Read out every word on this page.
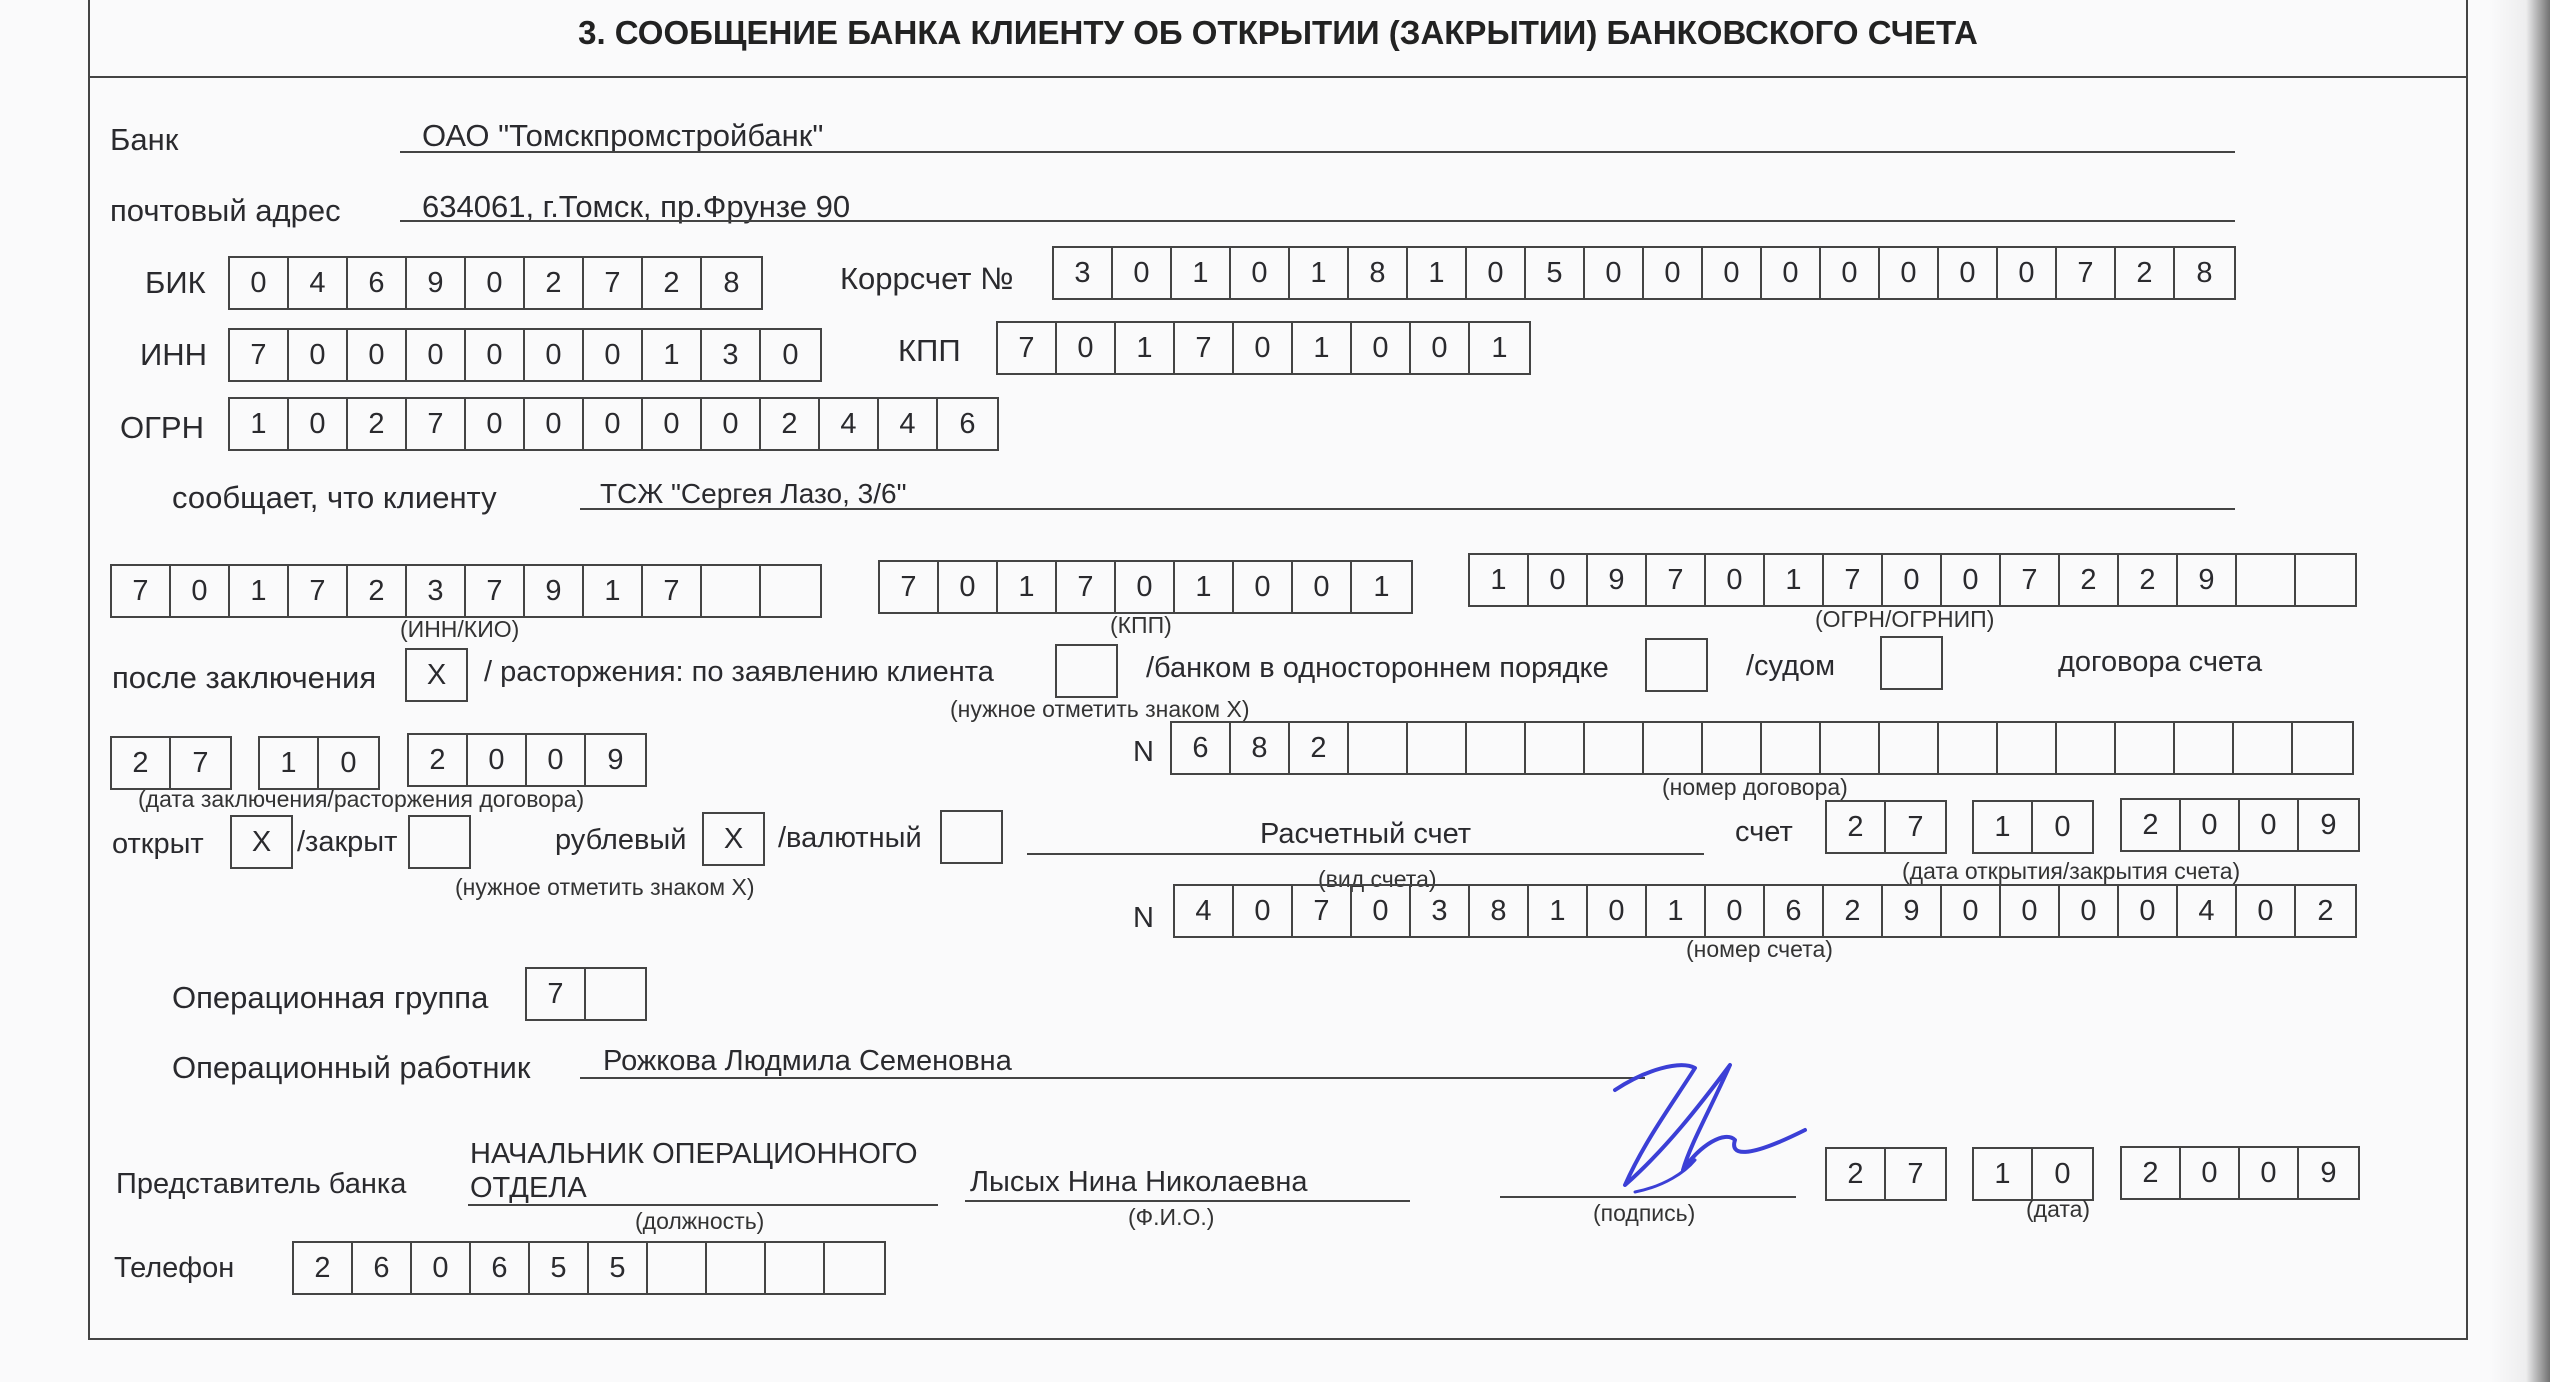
3. СООБЩЕНИЕ БАНКА КЛИЕНТУ ОБ ОТКРЫТИИ (ЗАКРЫТИИ) БАНКОВСКОГО СЧЕТА
Банк	ОАО "Томскпромстройбанк"
почтовый адрес	634061, г.Томск, пр.Фрунзе 90
БИК	0	4	6	9	0	2	7	2	8	Коррсчет №	3	0	1	0	1	8	1	0	5	0	0	0	0	0	0	0	0	7	2	8
ИНН	7	0	0	0	0	0	0	1	3	0	КПП	7	0	1	7	0	1	0	0	1
ОГРН	1	0	2	7	0	0	0	0	0	2	4	4	6
сообщает, что клиенту	ТСЖ "Сергея Лазо, 3/6"
7	0	1	7	2	3	7	9	1	7
(ИНН/КИО)
7	0	1	7	0	1	0	0	1
(КПП)
1	0	9	7	0	1	7	0	0	7	2	2	9
(ОГРН/ОГРНИП)
после заключения	X	/ расторжения: по заявлению клиента	/банком в одностороннем порядке	/судом	договора счета
(нужное отметить знаком Х)
2	7	1	0	2	0	0	9
(дата заключения/расторжения договора)
N	6	8	2
(номер договора)
открыт	X /закрыт	рублевый	X	/валютный
(нужное отметить знаком Х)
Расчетный счет
(вид счета)
счет	2	7	1	0	2	0	0	9
(дата открытия/закрытия счета)
N	4	0	7	0	3	8	1	0	1	0	6	2	9	0	0	0	0	4	0	2
(номер счета)
Операционная группа	7
Операционный работник	Рожкова Людмила Семеновна
Представитель банка
НАЧАЛЬНИК ОПЕРАЦИОННОГО
ОТДЕЛА
(должность)
Лысых Нина Николаевна
(Ф.И.О.)	(подпись)
2	7	1	0	2	0	0	9
(дата)
Телефон	2	6	0	6	5	5
